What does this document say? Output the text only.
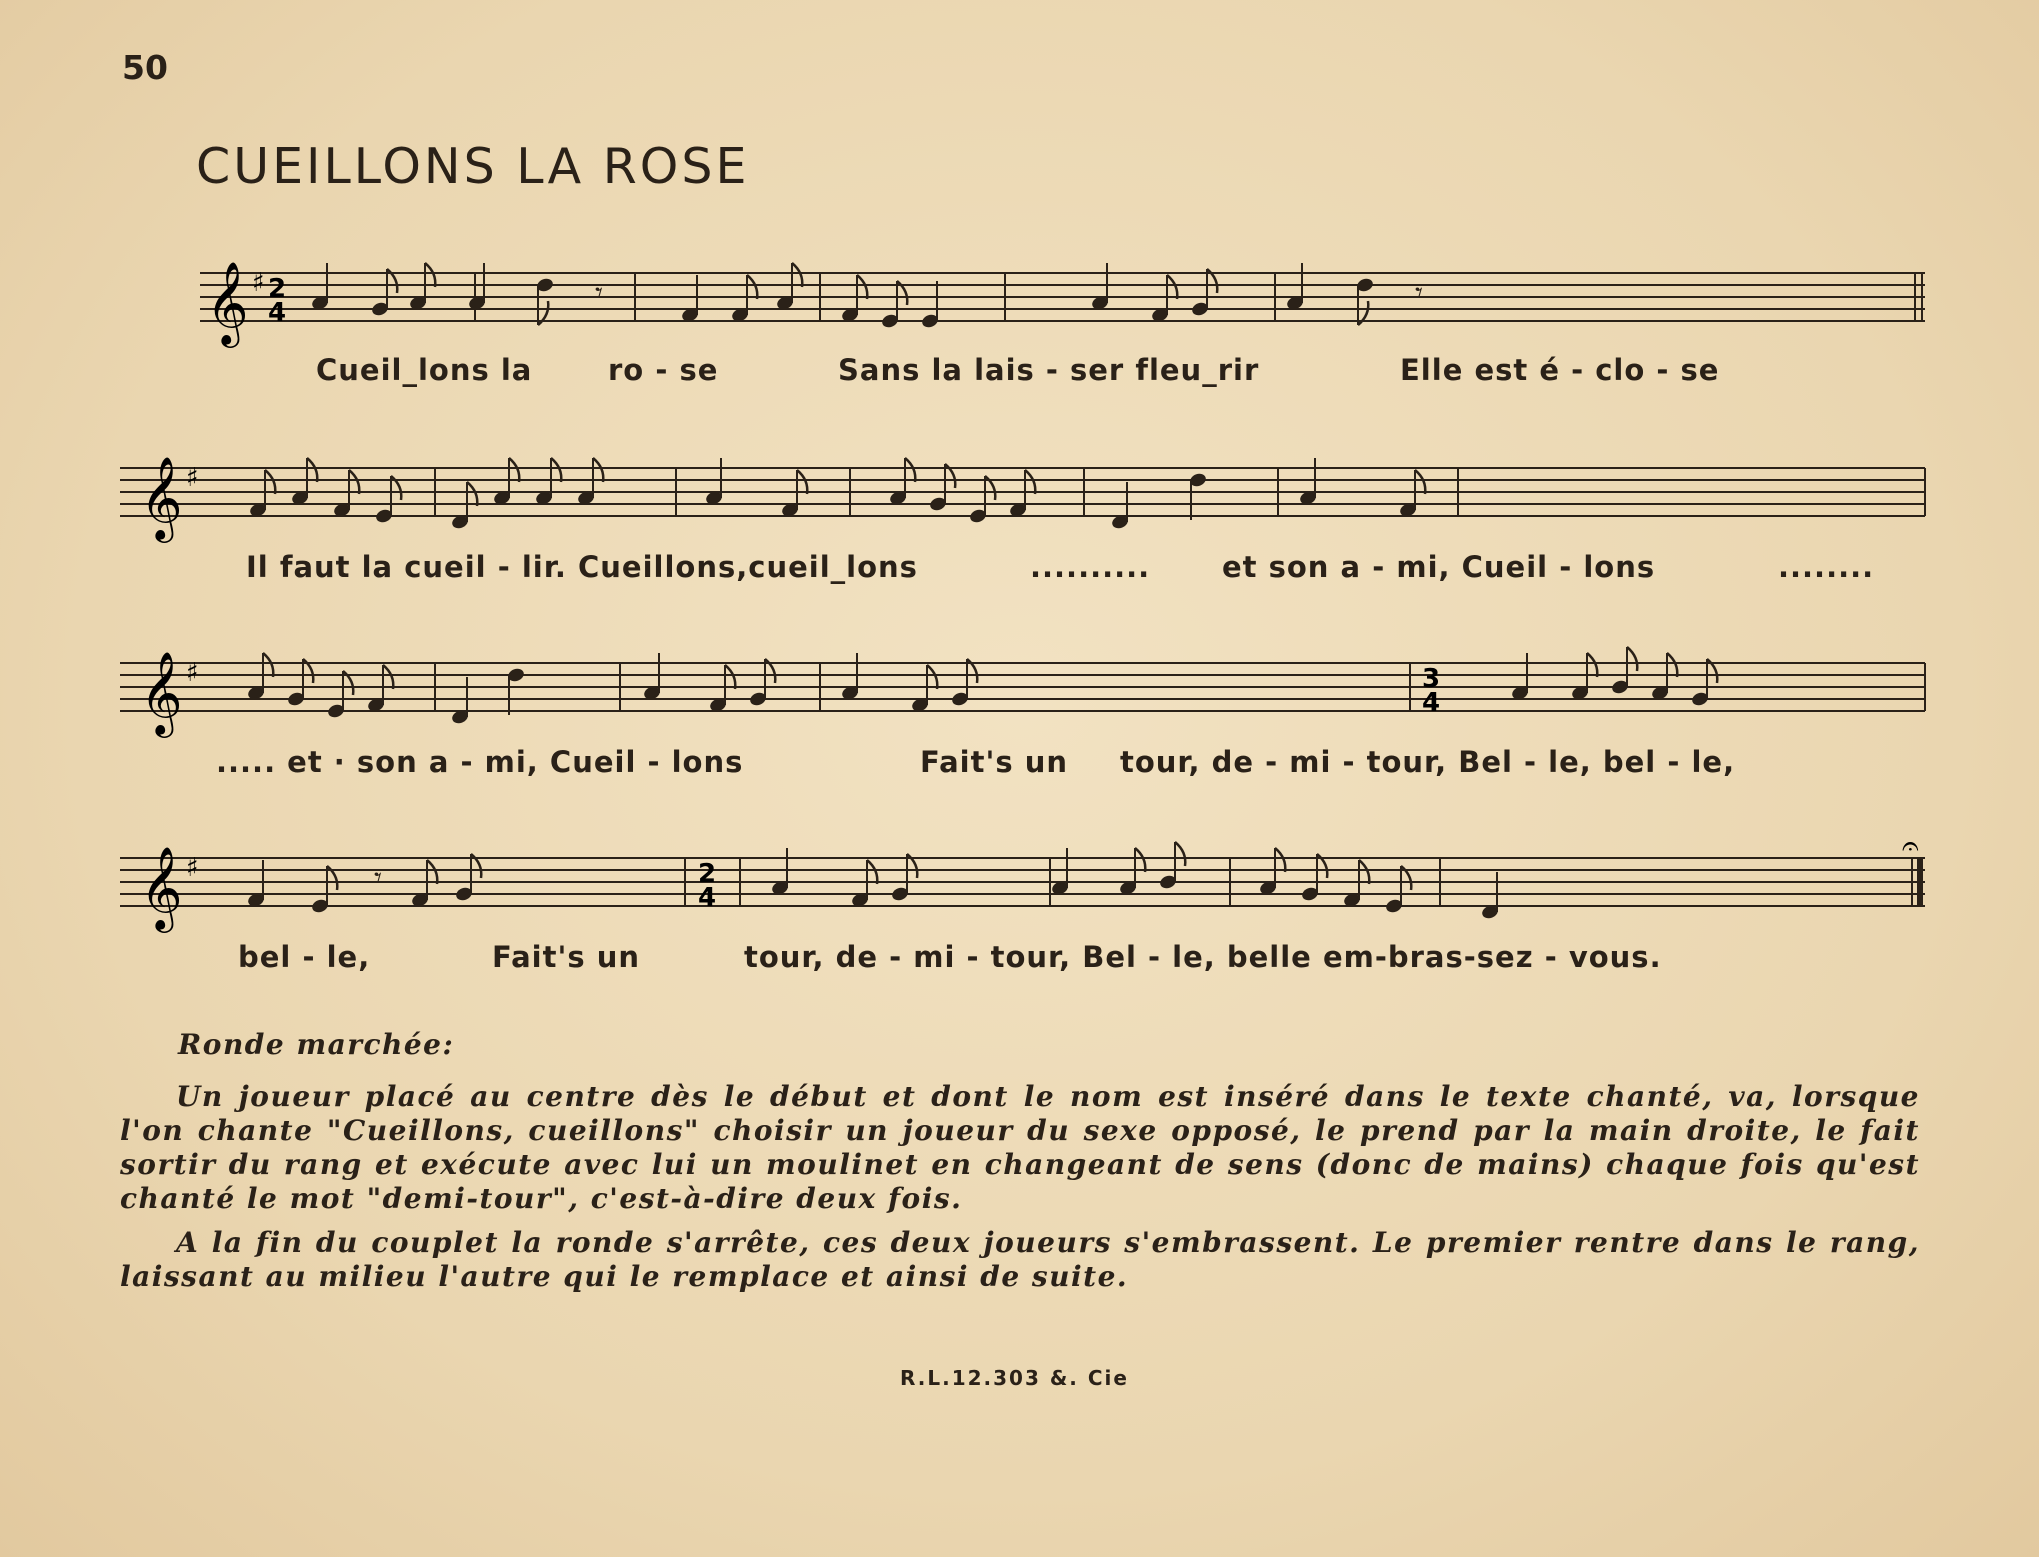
50
CUEILLONS LA ROSE
𝄞 ♯ 2
4
𝄾	𝄾
Cueil_lons la	ro - se	Sans la lais - ser fleu_rir	Elle est é - clo - se
𝄞 ♯
Il faut la cueil - lir. Cueillons,cueil_lons	.......... et son a - mi, Cueil - lons	........
𝄞 ♯	3
4
..... et · son a - mi, Cueil - lons	Fait's un tour, de - mi - tour, Bel - le, bel - le,
𝄞 ♯	2
4
𝄐
𝄾
bel - le,	Fait's un	tour, de - mi - tour, Bel - le, belle em-bras-sez - vous.
Ronde marchée:

Un joueur placé au centre dès le début et dont le nom est inséré dans le texte chanté, va, lorsque l'on chante "Cueillons, cueillons" choisir un joueur du sexe opposé, le prend par la main droite, le fait sortir du rang et exécute avec lui un moulinet en changeant de sens (donc de mains) chaque fois qu'est chanté le mot "demi-tour", c'est-à-dire deux fois.

A la fin du couplet la ronde s'arrête, ces deux joueurs s'embrassent. Le premier rentre dans le rang, laissant au milieu l'autre qui le remplace et ainsi de suite.

R.L.12.303 &. Cie
